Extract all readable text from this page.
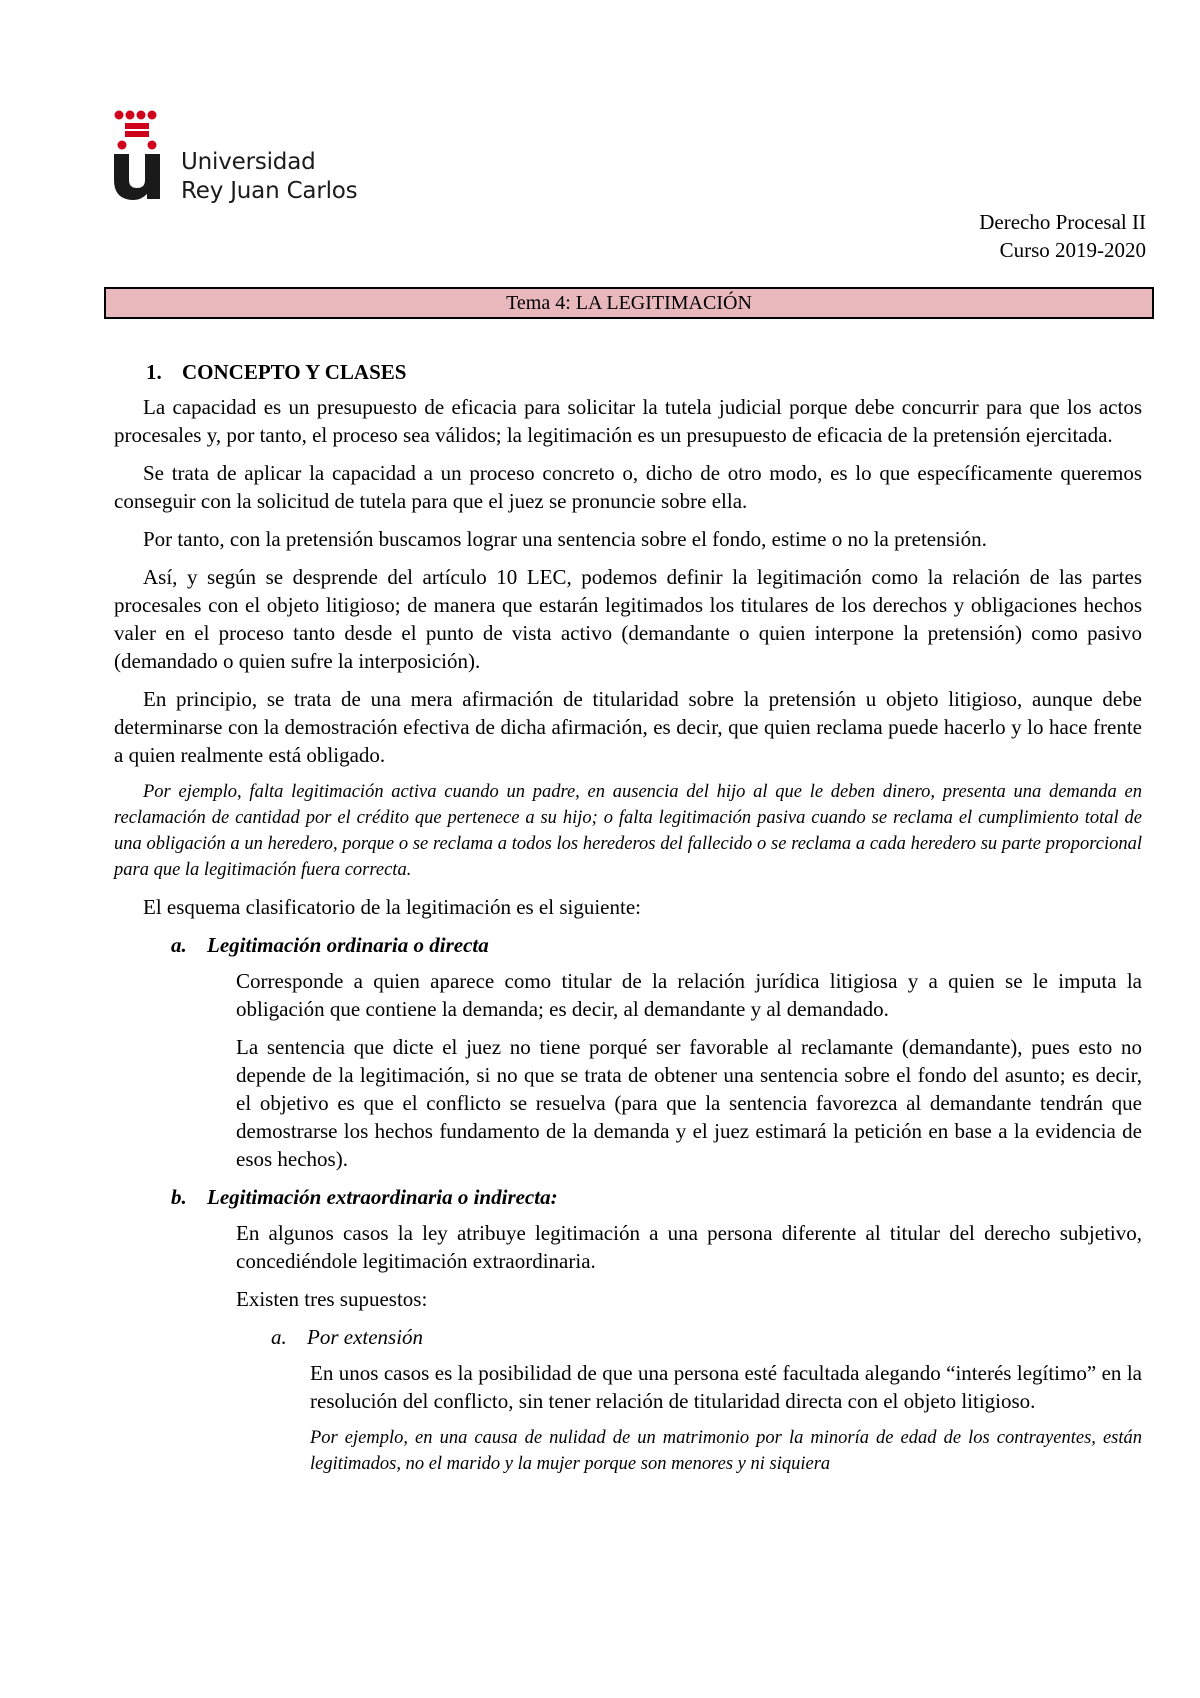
Universidad
Rey Juan Carlos
Derecho Procesal II
Curso 2019-2020
Tema 4: LA LEGITIMACIÓN
1. CONCEPTO Y CLASES

La capacidad es un presupuesto de eficacia para solicitar la tutela judicial porque debe concurrir para que los actos procesales y, por tanto, el proceso sea válidos; la legitimación es un presupuesto de eficacia de la pretensión ejercitada.

Se trata de aplicar la capacidad a un proceso concreto o, dicho de otro modo, es lo que específicamente queremos conseguir con la solicitud de tutela para que el juez se pronuncie sobre ella.

Por tanto, con la pretensión buscamos lograr una sentencia sobre el fondo, estime o no la pretensión.

Así, y según se desprende del artículo 10 LEC, podemos definir la legitimación como la relación de las partes procesales con el objeto litigioso; de manera que estarán legitimados los titulares de los derechos y obligaciones hechos valer en el proceso tanto desde el punto de vista activo (demandante o quien interpone la pretensión) como pasivo (demandado o quien sufre la interposición).

En principio, se trata de una mera afirmación de titularidad sobre la pretensión u objeto litigioso, aunque debe determinarse con la demostración efectiva de dicha afirmación, es decir, que quien reclama puede hacerlo y lo hace frente a quien realmente está obligado.

Por ejemplo, falta legitimación activa cuando un padre, en ausencia del hijo al que le deben dinero, presenta una demanda en reclamación de cantidad por el crédito que pertenece a su hijo; o falta legitimación pasiva cuando se reclama el cumplimiento total de una obligación a un heredero, porque o se reclama a todos los herederos del fallecido o se reclama a cada heredero su parte proporcional para que la legitimación fuera correcta.

El esquema clasificatorio de la legitimación es el siguiente:

a. Legitimación ordinaria o directa

Corresponde a quien aparece como titular de la relación jurídica litigiosa y a quien se le imputa la obligación que contiene la demanda; es decir, al demandante y al demandado.

La sentencia que dicte el juez no tiene porqué ser favorable al reclamante (demandante), pues esto no depende de la legitimación, si no que se trata de obtener una sentencia sobre el fondo del asunto; es decir, el objetivo es que el conflicto se resuelva (para que la sentencia favorezca al demandante tendrán que demostrarse los hechos fundamento de la demanda y el juez estimará la petición en base a la evidencia de esos hechos).

b. Legitimación extraordinaria o indirecta:

En algunos casos la ley atribuye legitimación a una persona diferente al titular del derecho subjetivo, concediéndole legitimación extraordinaria.

Existen tres supuestos:

a. Por extensión

En unos casos es la posibilidad de que una persona esté facultada alegando “interés legítimo” en la resolución del conflicto, sin tener relación de titularidad directa con el objeto litigioso.

Por ejemplo, en una causa de nulidad de un matrimonio por la minoría de edad de los contrayentes, están legitimados, no el marido y la mujer porque son menores y ni siquiera
